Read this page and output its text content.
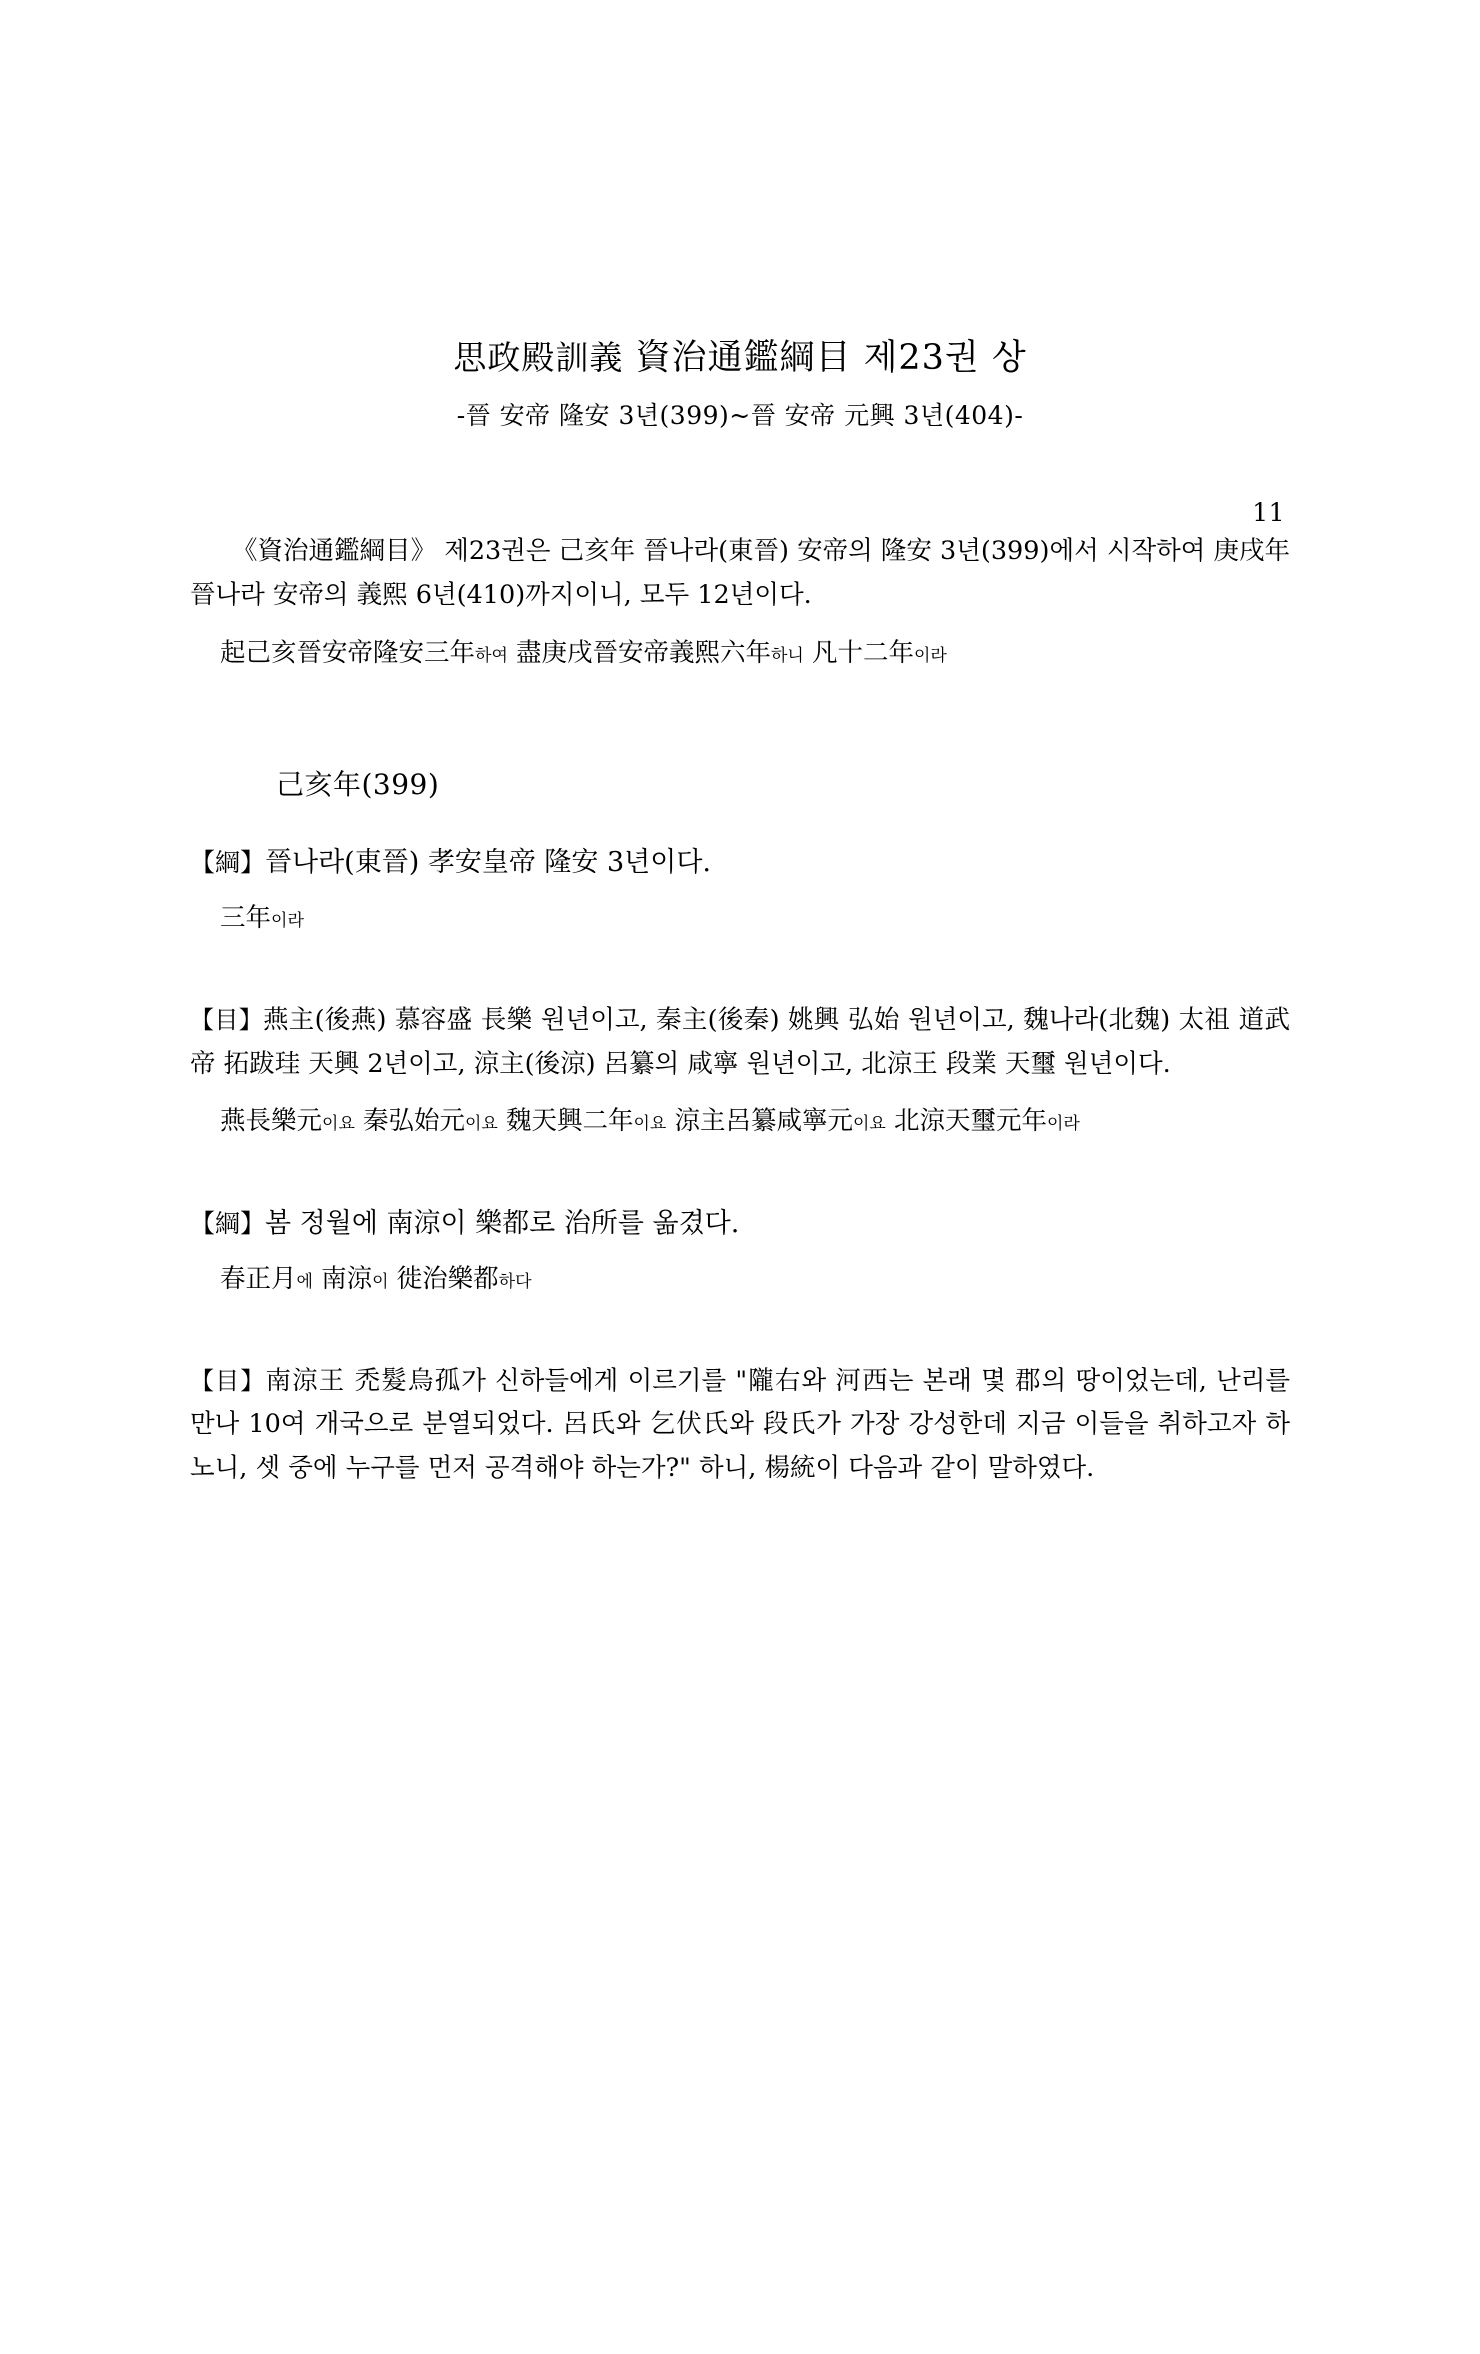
11
思政殿訓義 資治通鑑綱目 제23권 상
-晉 安帝 隆安 3년(399)~晉 安帝 元興 3년(404)-

《資治通鑑綱目》 제23권은 己亥年 晉나라(東晉) 安帝의 隆安 3년(399)에서 시작하여 庚戌年 晉나라 安帝의 義熙 6년(410)까지이니, 모두 12년이다.

起己亥晉安帝隆安三年하여 盡庚戌晉安帝義熙六年하니 凡十二年이라

己亥年(399)

【綱】晉나라(東晉) 孝安皇帝 隆安 3년이다.

三年이라

【目】燕主(後燕) 慕容盛 長樂 원년이고, 秦主(後秦) 姚興 弘始 원년이고, 魏나라(北魏) 太祖 道武帝 拓跋珪 天興 2년이고, 涼主(後涼) 呂纂의 咸寧 원년이고, 北涼王 段業 天璽 원년이다.

燕長樂元이요 秦弘始元이요 魏天興二年이요 涼主呂纂咸寧元이요 北涼天璽元年이라

【綱】봄 정월에 南涼이 樂都로 治所를 옮겼다.

春正月에 南涼이 徙治樂都하다

【目】南涼王 禿髮烏孤가 신하들에게 이르기를 "隴右와 河西는 본래 몇 郡의 땅이었는데, 난리를 만나 10여 개국으로 분열되었다. 呂氏와 乞伏氏와 段氏가 가장 강성한데 지금 이들을 취하고자 하노니, 셋 중에 누구를 먼저 공격해야 하는가?" 하니, 楊統이 다음과 같이 말하였다.
